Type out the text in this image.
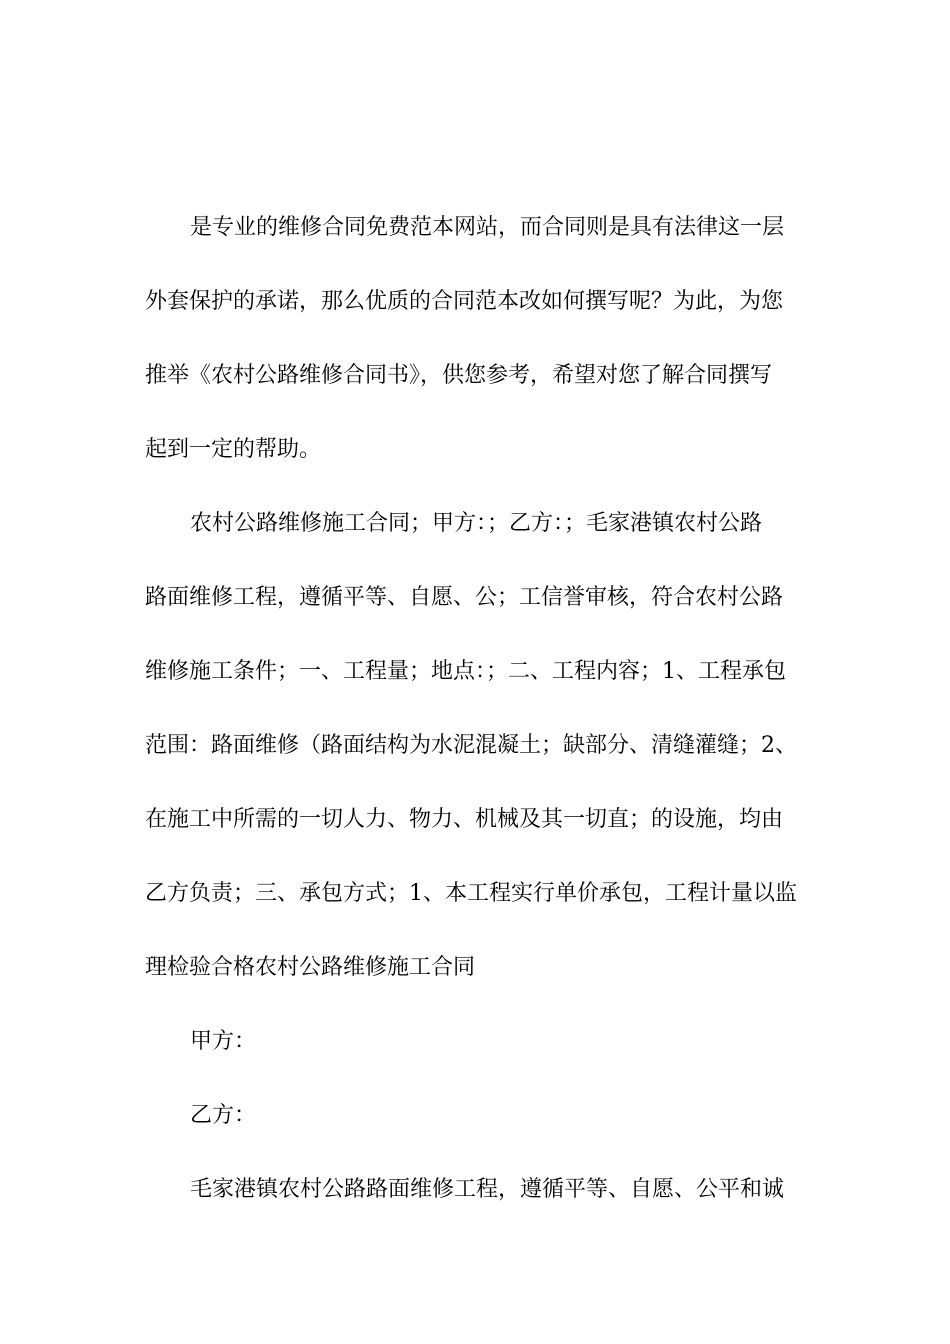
是专业的维修合同免费范本网站，而合同则是具有法律这一层
外套保护的承诺，那么优质的合同范本改如何撰写呢？为此，为您
推举《农村公路维修合同书》，供您参考，希望对您了解合同撰写
起到一定的帮助。
农村公路维修施工合同；甲方：；乙方：；毛家港镇农村公路
路面维修工程，遵循平等、自愿、公；工信誉审核，符合农村公路
维修施工条件；一、工程量；地点：；二、工程内容；1、工程承包
范围：路面维修（路面结构为水泥混凝土；缺部分、清缝灌缝；2、
在施工中所需的一切人力、物力、机械及其一切直；的设施，均由
乙方负责；三、承包方式；1、本工程实行单价承包，工程计量以监
理检验合格农村公路维修施工合同
甲方：
乙方：
毛家港镇农村公路路面维修工程，遵循平等、自愿、公平和诚
